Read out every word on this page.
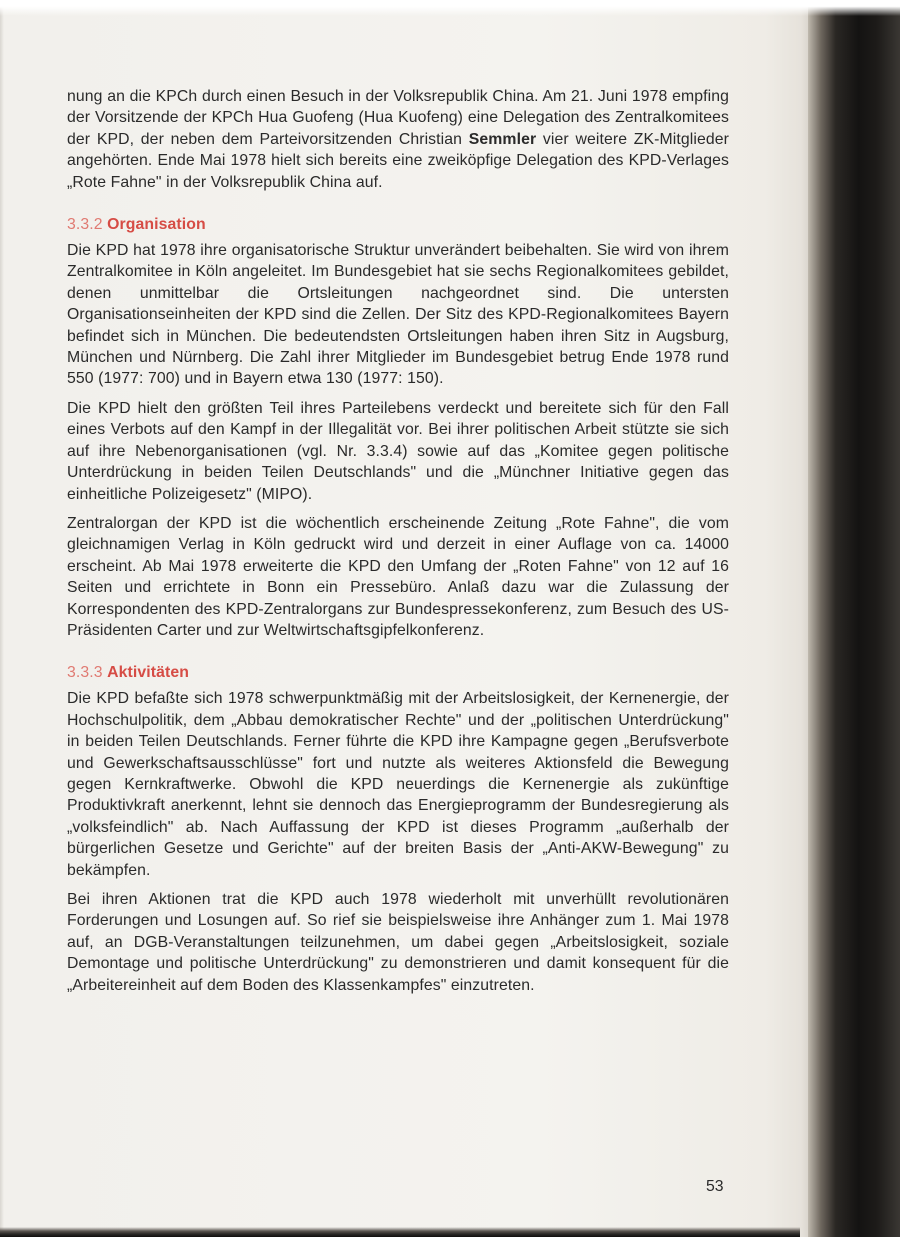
nung an die KPCh durch einen Besuch in der Volksrepublik China. Am 21. Juni 1978 empfing der Vorsitzende der KPCh Hua Guofeng (Hua Kuofeng) eine Delegation des Zentralkomitees der KPD, der neben dem Parteivorsitzenden Christian Semmler vier weitere ZK-Mitglieder angehörten. Ende Mai 1978 hielt sich bereits eine zweiköpfige Delegation des KPD-Verlages „Rote Fahne" in der Volksrepublik China auf.

3.3.2 Organisation

Die KPD hat 1978 ihre organisatorische Struktur unverändert beibehalten. Sie wird von ihrem Zentralkomitee in Köln angeleitet. Im Bundesgebiet hat sie sechs Regionalkomitees gebildet, denen unmittelbar die Ortsleitungen nachgeordnet sind. Die untersten Organisationseinheiten der KPD sind die Zellen. Der Sitz des KPD-Regionalkomitees Bayern befindet sich in München. Die bedeutendsten Ortsleitungen haben ihren Sitz in Augsburg, München und Nürnberg. Die Zahl ihrer Mitglieder im Bundesgebiet betrug Ende 1978 rund 550 (1977: 700) und in Bayern etwa 130 (1977: 150).

Die KPD hielt den größten Teil ihres Parteilebens verdeckt und bereitete sich für den Fall eines Verbots auf den Kampf in der Illegalität vor. Bei ihrer politischen Arbeit stützte sie sich auf ihre Nebenorganisationen (vgl. Nr. 3.3.4) sowie auf das „Komitee gegen politische Unterdrückung in beiden Teilen Deutschlands" und die „Münchner Initiative gegen das einheitliche Polizeigesetz" (MIPO).

Zentralorgan der KPD ist die wöchentlich erscheinende Zeitung „Rote Fahne", die vom gleichnamigen Verlag in Köln gedruckt wird und derzeit in einer Auflage von ca. 14000 erscheint. Ab Mai 1978 erweiterte die KPD den Umfang der „Roten Fahne" von 12 auf 16 Seiten und errichtete in Bonn ein Pressebüro. Anlaß dazu war die Zulassung der Korrespondenten des KPD-Zentralorgans zur Bundespressekonferenz, zum Besuch des US-Präsidenten Carter und zur Weltwirtschaftsgipfelkonferenz.

3.3.3 Aktivitäten

Die KPD befaßte sich 1978 schwerpunktmäßig mit der Arbeitslosigkeit, der Kernenergie, der Hochschulpolitik, dem „Abbau demokratischer Rechte" und der „politischen Unterdrückung" in beiden Teilen Deutschlands. Ferner führte die KPD ihre Kampagne gegen „Berufsverbote und Gewerkschaftsausschlüsse" fort und nutzte als weiteres Aktionsfeld die Bewegung gegen Kernkraftwerke. Obwohl die KPD neuerdings die Kernenergie als zukünftige Produktivkraft anerkennt, lehnt sie dennoch das Energieprogramm der Bundesregierung als „volksfeindlich" ab. Nach Auffassung der KPD ist dieses Programm „außerhalb der bürgerlichen Gesetze und Gerichte" auf der breiten Basis der „Anti-AKW-Bewegung" zu bekämpfen.

Bei ihren Aktionen trat die KPD auch 1978 wiederholt mit unverhüllt revolutionären Forderungen und Losungen auf. So rief sie beispielsweise ihre Anhänger zum 1. Mai 1978 auf, an DGB-Veranstaltungen teilzunehmen, um dabei gegen „Arbeitslosigkeit, soziale Demontage und politische Unterdrückung" zu demonstrieren und damit konsequent für die „Arbeitereinheit auf dem Boden des Klassenkampfes" einzutreten.

53
